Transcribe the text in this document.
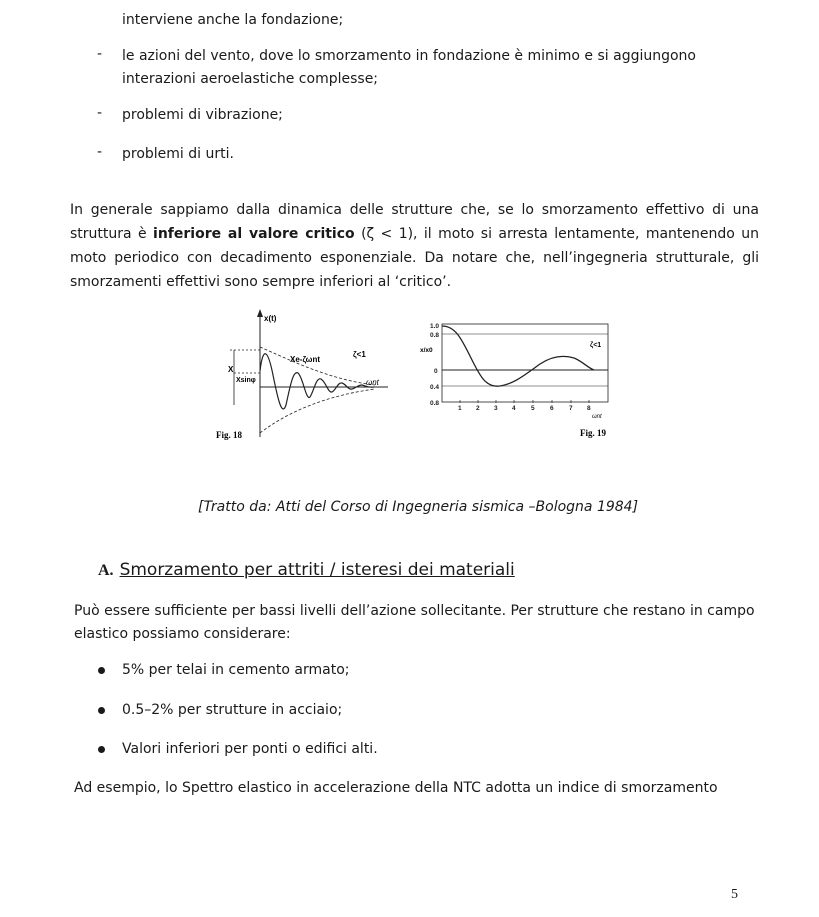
interviene anche la fondazione;
- le azioni del vento, dove lo smorzamento in fondazione è minimo e si aggiungono
interazioni aeroelastiche complesse;
- problemi di vibrazione;
- problemi di urti.
In generale sappiamo dalla dinamica delle strutture che, se lo smorzamento effettivo di una struttura è inferiore al valore critico (ζ < 1), il moto si arresta lentamente, mantenendo un moto periodico con decadimento esponenziale. Da notare che, nell’ingegneria strutturale, gli smorzamenti effettivi sono sempre inferiori al ‘critico’.
x(t)
Xe-ζωnt
ζ<1
ωnt
X
Xsinφ
Fig. 18
1.0
0.8
0
0.4
0.8
1 2 3 4 5 6 7 8
x/x0
ζ<1
ωnt
Fig. 19
[Tratto da: Atti del Corso di Ingegneria sismica –Bologna 1984]
A. Smorzamento per attriti / isteresi dei materiali
Può essere sufficiente per bassi livelli dell’azione sollecitante. Per strutture che restano in campo
elastico possiamo considerare:
5% per telai in cemento armato;
0.5–2% per strutture in acciaio;
Valori inferiori per ponti o edifici alti.
Ad esempio, lo Spettro elastico in accelerazione della NTC adotta un indice di smorzamento
5
